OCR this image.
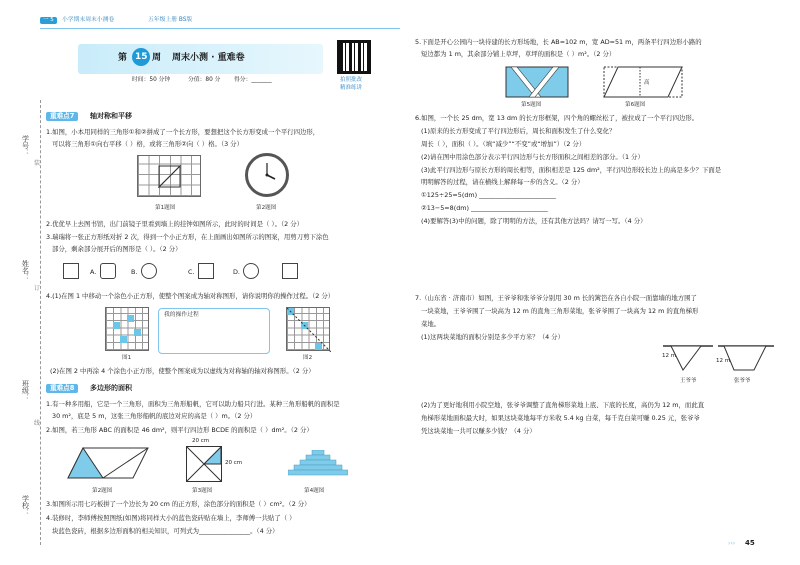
一 5	小学期末周末小测卷	五年级上册 BS版
第 15 周 周末小测 · 重难卷
时间：50 分钟	分值：80 分 得分：_______	拍照批改
精准练讲
学号：
姓名：
班级：
学校：
装
订
线
重难点7	轴对称和平移
1.如图，小本用同样的三角形①和②拼成了一个长方形，要想把这个长方形变成一个平行四边形，
可以将三角形①向右平移（ ）格，或将三角形②向（ ）格。（3 分）
第1题图	第2题图
2.优优早上去图书馆，出门前镜子里看到墙上的挂钟如图所示，此时的时间是（ ）。（2 分）
3.瑞瑞将一张正方形纸对折 2 次，得到一个小正方形，在上面画出如图所示的图案，用剪刀剪下涂色
部分，剩余部分展开后的图形是（ ）。（2 分）
A.	B.	C.	D.
4.(1)在图 1 中移动一个涂色小正方形，使整个图案成为轴对称图形，请你说明你的操作过程。（2 分）
图1
我的操作过程
图2
(2)在图 2 中再涂 4 个涂色小正方形，使整个图案成为以虚线为对称轴的轴对称图形。（2 分）
重难点8	多边形的面积
1.有一种多用船，它是一个三角形，面积为三角形船帆，它可以助力船只行进。某种三角形船帆的面积是
30 m²，底是 5 m，这张三角形船帆的底边对应的高是（ ）m。（2 分）
2.如图，若三角形 ABC 的面积是 46 dm²，则平行四边形 BCDE 的面积是（ ）dm²。（2 分）
第2题图
20 cm
20 cm
第3题图	第4题图
3.如图所示用七巧板拼了一个边长为 20 cm 的正方形，涂色部分的面积是（ ）cm²。（2 分）
4.装修时，李师傅按照图纸(如图)将同样大小的蓝色瓷砖贴在墙上，李师傅一共贴了（ ）
块蓝色瓷砖，根据多边形面积的相关知识，可列式为________________。（4 分）
5.下面是开心公园内一块待建的长方形场地，长 AB=102 m，宽 AD=51 m，两条平行四边形小路的
短边都为 1 m，其余部分铺上草坪，草坪的面积是（ ）m²。（2 分）
第5题图
高
第6题图
6.如图，一个长 25 dm，宽 13 dm 的长方形框架，四个角的螺丝松了，被拉成了一个平行四边形。
(1)原来的长方形变成了平行四边形后，周长和面积发生了什么变化？
周长（ ），面积（ ）。（填“减少”“不变”或“增加”）（2 分）
(2)请在图中用涂色部分表示平行四边形与长方形面积之间相差的部分。（1 分）
(3)此平行四边形与原长方形的周长相等，面积相差是 125 dm²，平行四边形较长边上的高是多少？下面是
明明解答的过程，请在横线上解释每一步的含义。（2 分）
①125÷25=5(dm) ________________________
②13−5=8(dm) ________________________
(4)要解答(3)中的问题，除了明明的方法，还有其他方法吗？请写一写。（4 分）
7.（山东省 · 济南市）如图，王爷爷和张爷爷分别用 30 m 长的篱笆在各自小院一面靠墙的地方围了
一块菜地，王爷爷围了一块高为 12 m 的直角三角形菜地，张爷爷围了一块高为 12 m 的直角梯形
菜地。
(1)这两块菜地的面积分别是多少平方米？（4 分）
12 m
12 m
王爷爷	张爷爷
(2)为了更好地利用小院空地，张爷爷调整了直角梯形菜地上底、下底的长度，高仍为 12 m，而此直
角梯形菜地面积最大时，如果这块菜地每平方米收 5.4 kg 白菜，每千克白菜可赚 0.25 元，张爷爷
凭这块菜地一共可以赚多少钱？（4 分）
››› 45
